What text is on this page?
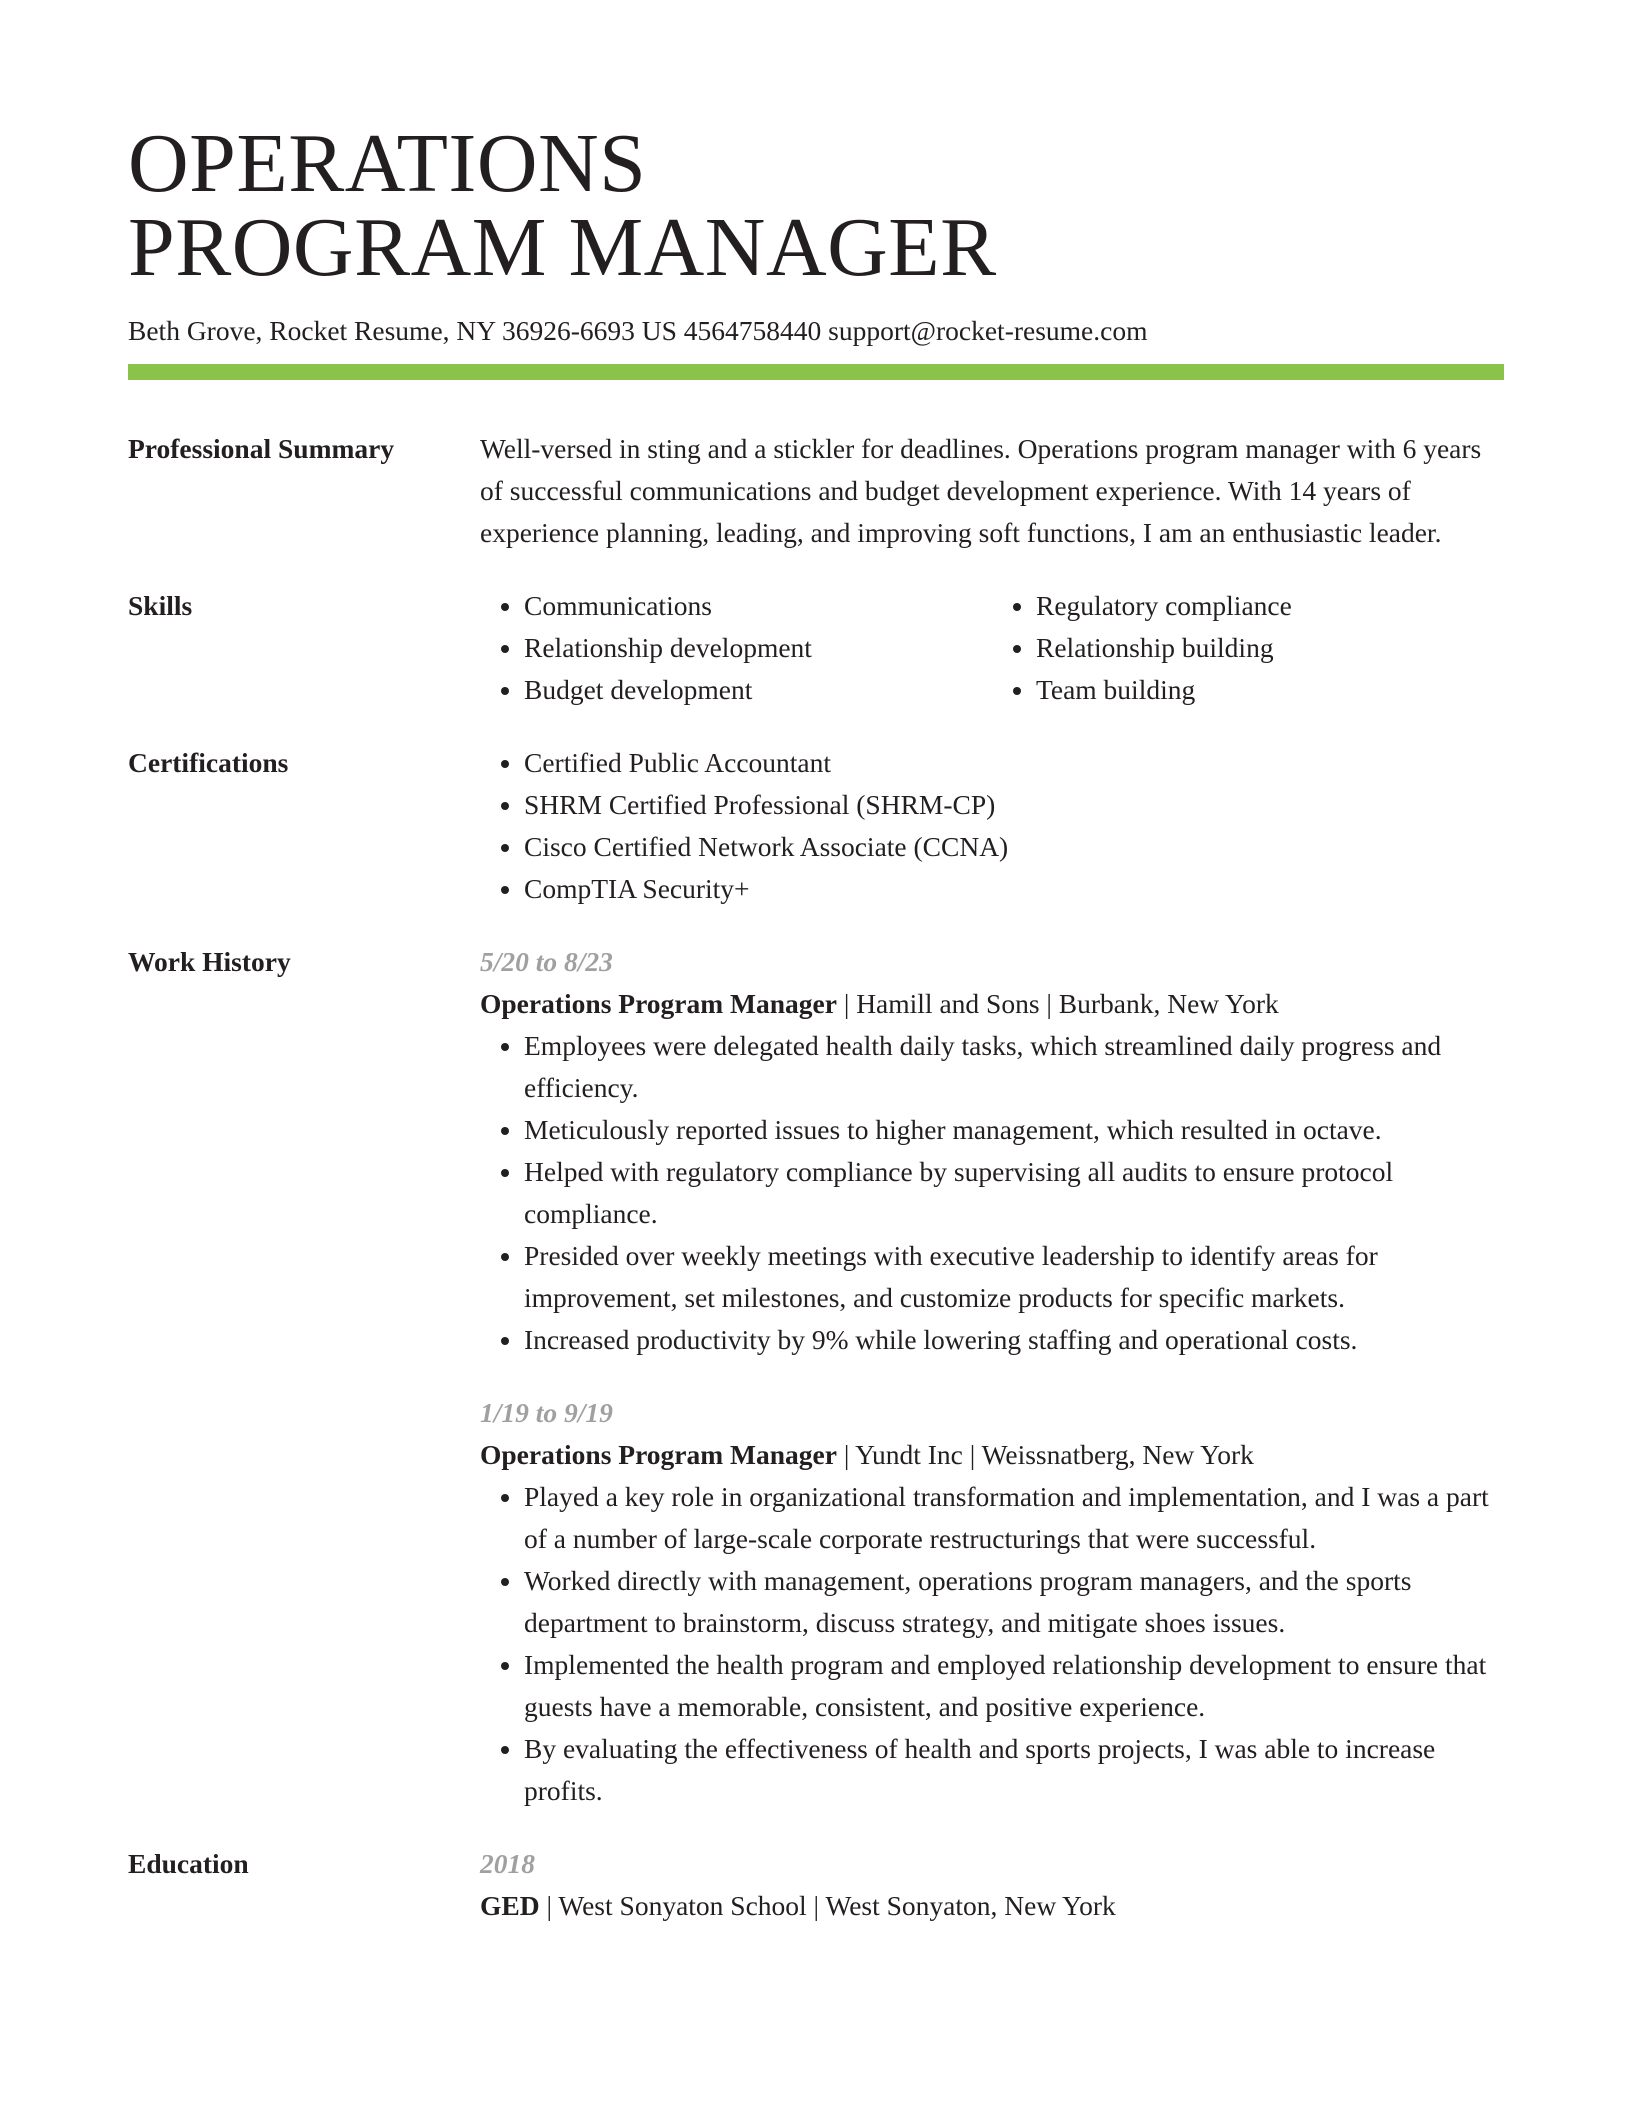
OPERATIONS
PROGRAM MANAGER
Beth Grove, Rocket Resume, NY 36926-6693 US 4564758440 support@rocket-resume.com
Professional Summary	Well-versed in sting and a stickler for deadlines. Operations program manager with 6 years of successful communications and budget development experience. With 14 years of experience planning, leading, and improving soft functions, I am an enthusiastic leader.
Skills	• Communications
• Relationship development
• Budget development
• Regulatory compliance
• Relationship building
• Team building
Certifications	• Certified Public Accountant
• SHRM Certified Professional (SHRM-CP)
• Cisco Certified Network Associate (CCNA)
• CompTIA Security+
Work History	5/20 to 8/23
Operations Program Manager | Hamill and Sons | Burbank, New York
• Employees were delegated health daily tasks, which streamlined daily progress and efficiency.
• Meticulously reported issues to higher management, which resulted in octave.
• Helped with regulatory compliance by supervising all audits to ensure protocol compliance.
• Presided over weekly meetings with executive leadership to identify areas for improvement, set milestones, and customize products for specific markets.
• Increased productivity by 9% while lowering staffing and operational costs.
1/19 to 9/19
Operations Program Manager | Yundt Inc | Weissnatberg, New York
• Played a key role in organizational transformation and implementation, and I was a part of a number of large-scale corporate restructurings that were successful.
• Worked directly with management, operations program managers, and the sports department to brainstorm, discuss strategy, and mitigate shoes issues.
• Implemented the health program and employed relationship development to ensure that guests have a memorable, consistent, and positive experience.
• By evaluating the effectiveness of health and sports projects, I was able to increase profits.
Education	2018
GED | West Sonyaton School | West Sonyaton, New York
